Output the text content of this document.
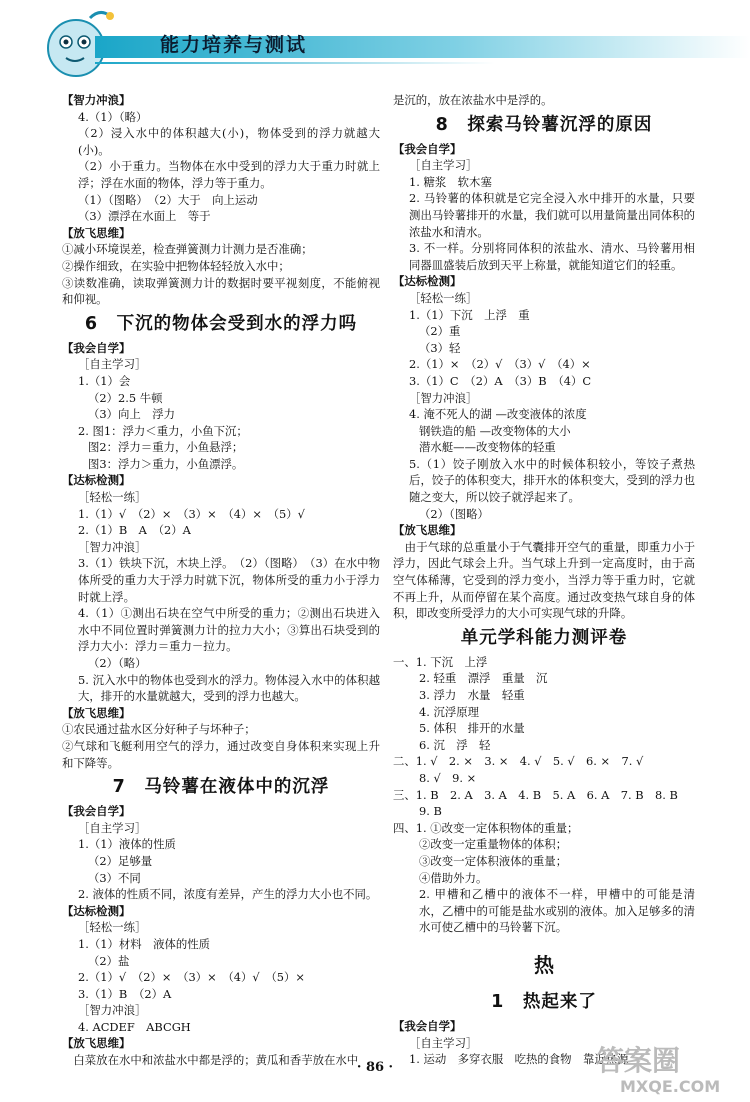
能力培养与测试
【智力冲浪】
4.（1）（略）
（2）浸入水中的体积越大(小)，物体受到的浮力就越大(小)。
（2）小于重力。当物体在水中受到的浮力大于重力时就上浮；浮在水面的物体，浮力等于重力。
（1）（图略）　（2）大于　向上运动
（3）漂浮在水面上　等于
【放飞思维】
①减小环境误差，检查弹簧测力计测力是否准确；
②操作细致，在实验中把物体轻轻放入水中；
③读数准确，读取弹簧测力计的数据时要平视刻度，不能俯视和仰视。
6　下沉的物体会受到水的浮力吗
【我会自学】
［自主学习］
1.（1）会
（2）2.5 牛顿
（3）向上　浮力
2. 图1：浮力＜重力，小鱼下沉；
图2：浮力＝重力，小鱼悬浮；
图3：浮力＞重力，小鱼漂浮。
【达标检测】
［轻松一练］
1.（1）√　（2）×　（3）×　（4）×　（5）√
2.（1）B　A　（2）A
［智力冲浪］
3.（1）铁块下沉，木块上浮。　（2）（图略）　（3）在水中物体所受的重力大于浮力时就下沉，物体所受的重力小于浮力时就上浮。
4.（1）①测出石块在空气中所受的重力；②测出石块进入水中不同位置时弹簧测力计的拉力大小；③算出石块受到的浮力大小：浮力＝重力－拉力。
（2）（略）
5. 沉入水中的物体也受到水的浮力。物体浸入水中的体积越大，排开的水量就越大，受到的浮力也越大。
【放飞思维】
①农民通过盐水区分好种子与坏种子；
②气球和飞艇利用空气的浮力，通过改变自身体积来实现上升和下降等。
7　马铃薯在液体中的沉浮
【我会自学】
［自主学习］
1.（1）液体的性质
（2）足够量
（3）不同
2. 液体的性质不同，浓度有差异，产生的浮力大小也不同。
【达标检测】
［轻松一练］
1.（1）材料　液体的性质
（2）盐
2.（1）√　（2）×　（3）×　（4）√　（5）×
3.（1）B　（2）A
［智力冲浪］
4. ACDEF　ABCGH
【放飞思维】
　白菜放在水中和浓盐水中都是浮的；黄瓜和香芋放在水中
是沉的，放在浓盐水中是浮的。
8　探索马铃薯沉浮的原因
【我会自学】
［自主学习］
1. 糖浆　软木塞
2. 马铃薯的体积就是它完全浸入水中排开的水量，只要测出马铃薯排开的水量，我们就可以用量筒量出同体积的浓盐水和清水。
3. 不一样。分别将同体积的浓盐水、清水、马铃薯用相同器皿盛装后放到天平上称量，就能知道它们的轻重。
【达标检测】
［轻松一练］
1.（1）下沉　上浮　重
（2）重
（3）轻
2.（1）×　（2）√　（3）√　（4）×
3.（1）C　（2）A　（3）B　（4）C
［智力冲浪］
4. 淹不死人的湖 —改变液体的浓度
钢铁造的船 —改变物体的大小
潜水艇——改变物体的轻重
5.（1）饺子刚放入水中的时候体积较小，等饺子煮热后，饺子的体积变大，排开水的体积变大，受到的浮力也随之变大，所以饺子就浮起来了。
（2）（图略）
【放飞思维】
　由于气球的总重量小于气囊排开空气的重量，即重力小于浮力，因此气球会上升。当气球上升到一定高度时，由于高空气体稀薄，它受到的浮力变小，当浮力等于重力时，它就不再上升，从而停留在某个高度。通过改变热气球自身的体积，即改变所受浮力的大小可实现气球的升降。
单元学科能力测评卷
一、1. 下沉　上浮
2. 轻重　漂浮　重量　沉
3. 浮力　水量　轻重
4. 沉浮原理
5. 体积　排开的水量
6. 沉　浮　轻
二、1. √　2. ×　3. ×　4. √　5. √　6. ×　7. √
8. √　9. ×
三、1. B　2. A　3. A　4. B　5. A　6. A　7. B　8. B
9. B
四、1. ①改变一定体积物体的重量；
②改变一定重量物体的体积；
③改变一定体积液体的重量；
④借助外力。
2. 甲槽和乙槽中的液体不一样，甲槽中的可能是清水，乙槽中的可能是盐水或别的液体。加入足够多的清水可使乙槽中的马铃薯下沉。
热
1　热起来了
【我会自学】
［自主学习］
1. 运动　多穿衣服　吃热的食物　靠近热源
· 86 ·	答案圈
MXQE.COM
